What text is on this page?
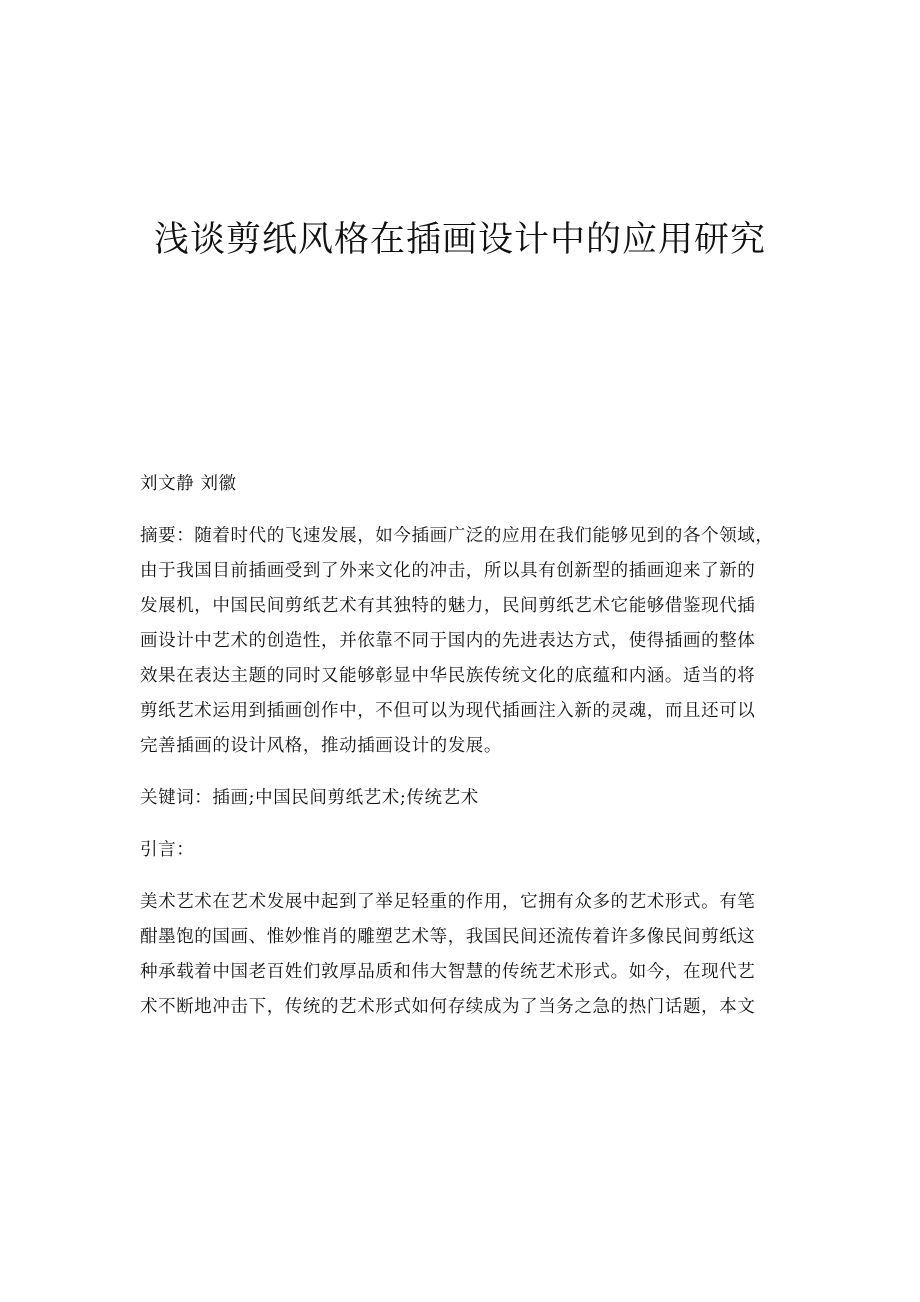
浅谈剪纸风格在插画设计中的应用研究
刘文静 刘徽
摘要：随着时代的飞速发展，如今插画广泛的应用在我们能够见到的各个领域，
由于我国目前插画受到了外来文化的冲击，所以具有创新型的插画迎来了新的
发展机，中国民间剪纸艺术有其独特的魅力，民间剪纸艺术它能够借鉴现代插
画设计中艺术的创造性，并依靠不同于国内的先进表达方式，使得插画的整体
效果在表达主题的同时又能够彰显中华民族传统文化的底蕴和内涵。适当的将
剪纸艺术运用到插画创作中，不但可以为现代插画注入新的灵魂，而且还可以
完善插画的设计风格，推动插画设计的发展。
关键词：插画;中国民间剪纸艺术;传统艺术
引言：
美术艺术在艺术发展中起到了举足轻重的作用，它拥有众多的艺术形式。有笔
酣墨饱的国画、惟妙惟肖的雕塑艺术等，我国民间还流传着许多像民间剪纸这
种承载着中国老百姓们敦厚品质和伟大智慧的传统艺术形式。如今，在现代艺
术不断地冲击下，传统的艺术形式如何存续成为了当务之急的热门话题，本文
